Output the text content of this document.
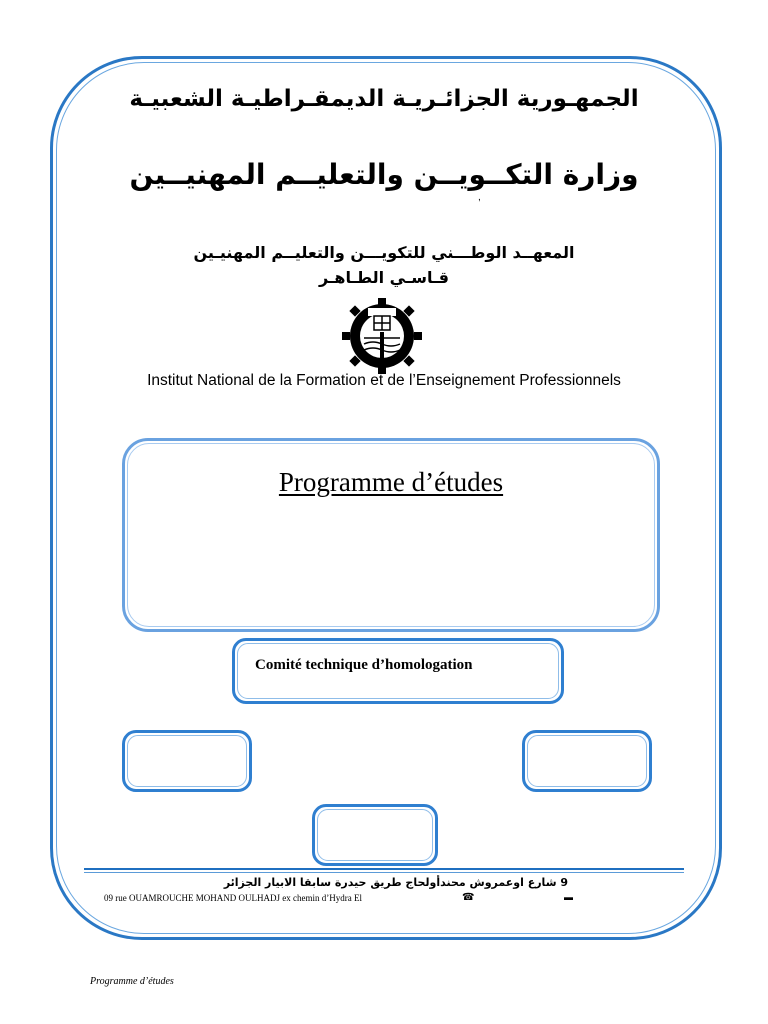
الجمهـورية الجزائـريـة الديمقـراطيـة الشعبيـة
وزارة التكــويــن والتعليــم المهنيــين
,
المعهــد الوطـــني للتكويـــن والتعليــم المهنيـين
قـاسـي الطـاهـر
Institut National de la Formation et de l’Enseignement Professionnels
Programme d’études
Comité technique d’homologation
9 شارع اوعمروش محندأولحاج طريق حيدرة سابقا الابيار الجزائر
09 rue OUAMROUCHE MOHAND OULHADJ ex chemin d’Hydra El	☎	▬
Programme d’études
